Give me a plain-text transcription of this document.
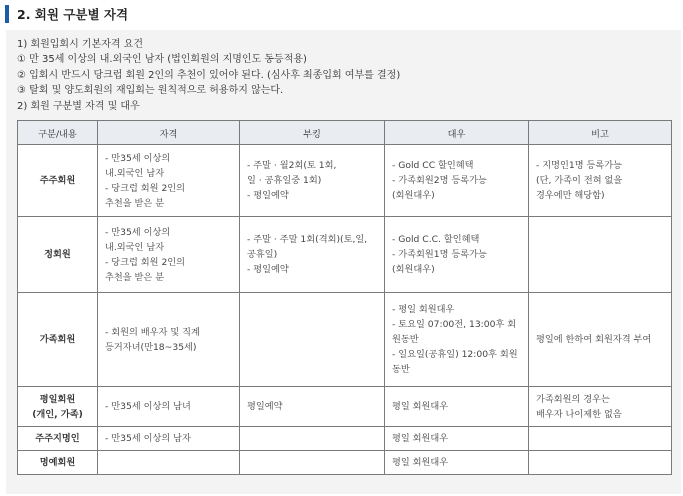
2. 회원 구분별 자격
1) 회원입회시 기본자격 요건
① 만 35세 이상의 내.외국인 남자 (법인회원의 지명인도 동등적용)
② 입회시 반드시 당크럽 회원 2인의 추천이 있어야 된다. (심사후 최종입회 여부를 결정)
③ 탈회 및 양도회원의 재입회는 원칙적으로 허용하지 않는다.
2) 회원 구분별 자격 및 대우
구분/내용	자격	부킹	대우	비고

주주회원	- 만35세 이상의
내.외국인 남자
- 당크럽 회원 2인의
추천을 받은 분	- 주말 · 월2회(토 1회,
일 · 공휴일중 1회)
- 평일예약	- Gold CC 할인혜택
- 가족회원2명 등록가능
(회원대우)	- 지명인1명 등록가능
(단, 가족이 전혀 없을
경우에만 해당함)

정회원	- 만35세 이상의
내.외국인 남자
- 당크럽 회원 2인의
추천을 받은 분	- 주말 · 주말 1회(격회)(토,일,
공휴일)
- 평일예약	- Gold C.C. 할인혜택
- 가족회원1명 등록가능
(회원대우)	

가족회원	- 회원의 배우자 및 직계
등거자녀(만18~35세)		- 평일 회원대우
- 토요일 07:00전, 13:00후 회
원동반
- 일요일(공휴일) 12:00후 회원
동반	평일에 한하여 회원자격 부여

평일회원
(개인, 가족)	- 만35세 이상의 남녀	평일예약	평일 회원대우	가족회원의 경우는
배우자 나이제한 없음

주주지명인	- 만35세 이상의 남자		평일 회원대우	

명예회원			평일 회원대우	
